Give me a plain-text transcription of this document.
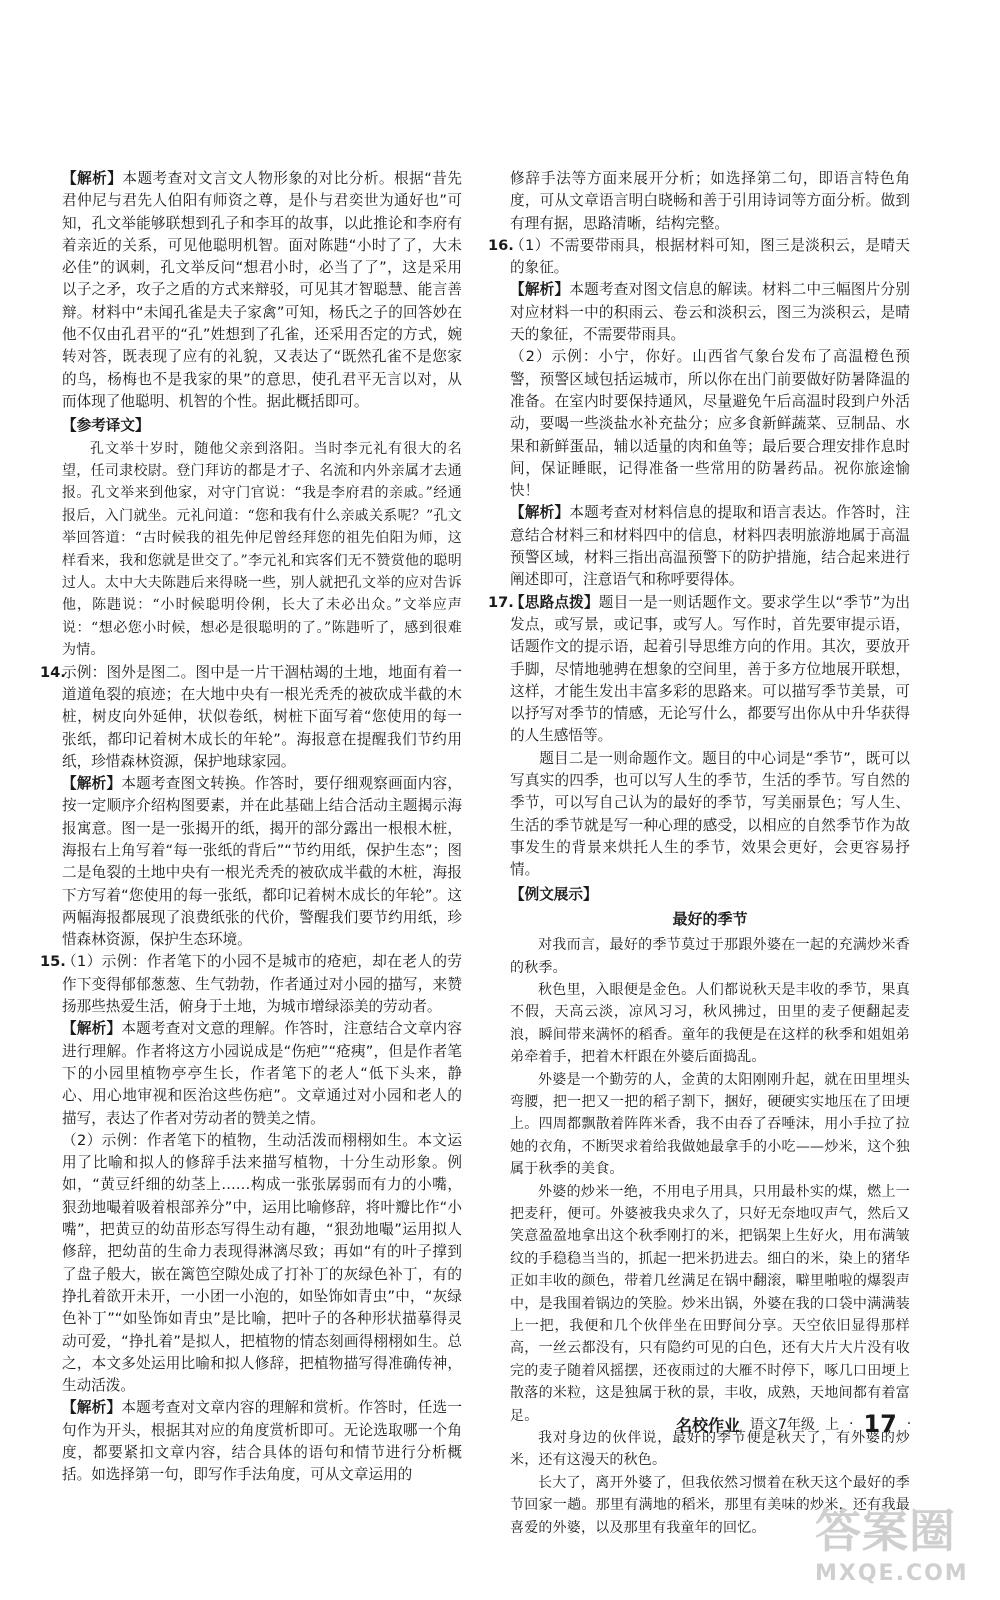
【 解析 】 本题考查对文言文人物形象的对比分析。根据“昔先君仲尼与君先人伯阳有师资之尊，是仆与君奕世为通好也”可知，孔文举能够联想到孔子和李耳的故事，以此推论和李府有着亲近的关系，可见他聪明机智。面对陈韪“小时了了，大未必佳”的讽刺，孔文举反问“想君小时，必当了了”，这是采用以子之矛，攻子之盾的方式来辩驳，可见其才智聪慧、能言善辩。材料中“未闻孔雀是夫子家禽”可知，杨氏之子的回答妙在他不仅由孔君平的“孔”姓想到了孔雀，还采用否定的方式，婉转对答，既表现了应有的礼貌，又表达了“既然孔雀不是您家的鸟，杨梅也不是我家的果”的意思，使孔君平无言以对，从而体现了他聪明、机智的个性。据此概括即可。

【 参考译文 】

孔文举十岁时，随他父亲到洛阳。当时李元礼有很大的名望，任司隶校尉。登门拜访的都是才子、名流和内外亲属才去通报。孔文举来到他家，对守门官说：“我是李府君的亲戚。”经通报后，入门就坐。元礼问道：“您和我有什么亲戚关系呢？”孔文举回答道：“古时候我的祖先仲尼曾经拜您的祖先伯阳为师，这样看来，我和您就是世交了。”李元礼和宾客们无不赞赏他的聪明过人。太中大夫陈韪后来得晓一些，别人就把孔文举的应对告诉他，陈韪说：“小时候聪明伶俐，长大了未必出众。”文举应声说：“想必您小时候，想必是很聪明的了。”陈韪听了，感到很难为情。

14.

示例：图外是图二。图中是一片干涸枯竭的土地，地面有着一道道龟裂的痕迹；在大地中央有一根光秃秃的被砍成半截的木桩，树皮向外延伸，状似卷纸，树桩下面写着“您使用的每一张纸，都印记着树木成长的年轮”。海报意在提醒我们节约用纸，珍惜森林资源，保护地球家园。

【 解析 】 本题考查图文转换。作答时，要仔细观察画面内容，按一定顺序介绍构图要素，并在此基础上结合活动主题揭示海报寓意。图一是一张揭开的纸，揭开的部分露出一根根木桩，海报右上角写着“每一张纸的背后”“节约用纸，保护生态”；图二是龟裂的土地中央有一根光秃秃的被砍成半截的木桩，海报下方写着“您使用的每一张纸，都印记着树木成长的年轮”。这两幅海报都展现了浪费纸张的代价，警醒我们要节约用纸，珍惜森林资源，保护生态环境。

15.

（1）示例：作者笔下的小园不是城市的疮疤，却在老人的劳作下变得郁郁葱葱、生气勃勃，作者通过对小园的描写，来赞扬那些热爱生活，俯身于土地，为城市增绿添美的劳动者。

【 解析 】 本题考查对文意的理解。作答时，注意结合文章内容进行理解。作者将这方小园说成是“伤疤”“疮痍”，但是作者笔下的小园里植物亭亭生长，作者笔下的老人“低下头来，静心、用心地审视和医治这些伤疤”。文章通过对小园和老人的描写，表达了作者对劳动者的赞美之情。

（2）示例：作者笔下的植物，生动活泼而栩栩如生。本文运用了比喻和拟人的修辞手法来描写植物，十分生动形象。例如，“黄豆纤细的幼茎上……构成一张张孱弱而有力的小嘴，狠劲地嘬着吸着根部养分”中，运用比喻修辞，将叶瓣比作“小嘴”，把黄豆的幼苗形态写得生动有趣，“狠劲地嘬”运用拟人修辞，把幼苗的生命力表现得淋漓尽致；再如“有的叶子撑到了盘子般大，嵌在篱笆空隙处成了打补丁的灰绿色补丁，有的挣扎着欲开未开，一小团一小泡的，如坠饰如青虫”中，“灰绿色补丁”“如坠饰如青虫”是比喻，把叶子的各种形状描摹得灵动可爱，“挣扎着”是拟人，把植物的情态刻画得栩栩如生。总之，本文多处运用比喻和拟人修辞，把植物描写得准确传神，生动活泼。

【 解析 】 本题考查对文章内容的理解和赏析。作答时，任选一句作为开头，根据其对应的角度赏析即可。无论选取哪一个角度，都要紧扣文章内容，结合具体的语句和情节进行分析概括。如选择第一句，即写作手法角度，可从文章运用的

修辞手法等方面来展开分析；如选择第二句，即语言特色角度，可从文章语言明白晓畅和善于引用诗词等方面分析。做到有理有据，思路清晰，结构完整。

16.

（1）不需要带雨具，根据材料可知，图三是淡积云，是晴天的象征。

【 解析 】 本题考查对图文信息的解读。材料二中三幅图片分别对应材料一中的积雨云、卷云和淡积云，图三为淡积云，是晴天的象征，不需要带雨具。

（2）示例：小宁，你好。山西省气象台发布了高温橙色预警，预警区域包括运城市，所以你在出门前要做好防暑降温的准备。在室内时要保持通风，尽量避免午后高温时段到户外活动，要喝一些淡盐水补充盐分；应多食新鲜蔬菜、豆制品、水果和新鲜蛋品，辅以适量的肉和鱼等；最后要合理安排作息时间，保证睡眠，记得准备一些常用的防暑药品。祝你旅途愉快！

【 解析 】 本题考查对材料信息的提取和语言表达。作答时，注意结合材料三和材料四中的信息，材料四表明旅游地属于高温预警区域，材料三指出高温预警下的防护措施，结合起来进行阐述即可，注意语气和称呼要得体。

17.

【 思路点拨 】 题目一是一则话题作文。要求学生以“季节”为出发点，或写景，或记事，或写人。写作时，首先要审提示语，话题作文的提示语，起着引导思维方向的作用。其次，要放开手脚，尽情地驰骋在想象的空间里，善于多方位地展开联想，这样，才能生发出丰富多彩的思路来。可以描写季节美景，可以抒写对季节的情感，无论写什么，都要写出你从中升华获得的人生感悟等。

题目二是一则命题作文。题目的中心词是“季节”，既可以写真实的四季，也可以写人生的季节，生活的季节。写自然的季节，可以写自己认为的最好的季节，写美丽景色；写人生、生活的季节就是写一种心理的感受，以相应的自然季节作为故事发生的背景来烘托人生的季节，效果会更好，会更容易抒情。

【 例文展示 】
最好的季节

对我而言，最好的季节莫过于那跟外婆在一起的充满炒米香的秋季。

秋色里，入眼便是金色。人们都说秋天是丰收的季节，果真不假，天高云淡，凉风习习，秋风拂过，田里的麦子便翻起麦浪，瞬间带来满怀的稻香。童年的我便是在这样的秋季和姐姐弟弟牵着手，把着木杆跟在外婆后面捣乱。

外婆是一个勤劳的人，金黄的太阳刚刚升起，就在田里埋头弯腰，把一把又一把的稻子割下，捆好，硬硬实实地压在了田埂上。四周都飘散着阵阵米香，我不由吞了吞唾沫，用小手拉了拉她的衣角，不断哭求着给我做她最拿手的小吃——炒米，这个独属于秋季的美食。

外婆的炒米一绝，不用电子用具，只用最朴实的煤，燃上一把麦秆，便可。外婆被我央求久了，只好无奈地叹声气，然后又笑意盈盈地拿出这个秋季刚打的米，把锅架上生好火，用布满皱纹的手稳稳当当的，抓起一把米扔进去。细白的米，染上的猪华正如丰收的颜色，带着几丝满足在锅中翻滚，噼里啪啦的爆裂声中，是我围着锅边的笑脸。炒米出锅，外婆在我的口袋中满满装上一把，我便和几个伙伴坐在田野间分享。天空依旧显得那样高，一丝云都没有，只有隐约可见的白色，还有大片大片没有收完的麦子随着风摇摆，还夜雨过的大雁不时停下，啄几口田埂上散落的米粒，这是独属于秋的景，丰收，成熟，天地间都有着富足。

我对身边的伙伴说，最好的季节便是秋天了，有外婆的炒米，还有这漫天的秋色。

长大了，离开外婆了，但我依然习惯着在秋天这个最好的季节回家一趟。那里有满地的稻米，那里有美味的炒米，还有我最喜爱的外婆，以及那里有我童年的回忆。

名校作业 语文7年级 上 · 17 ·
答案圈
MXQE.COM
